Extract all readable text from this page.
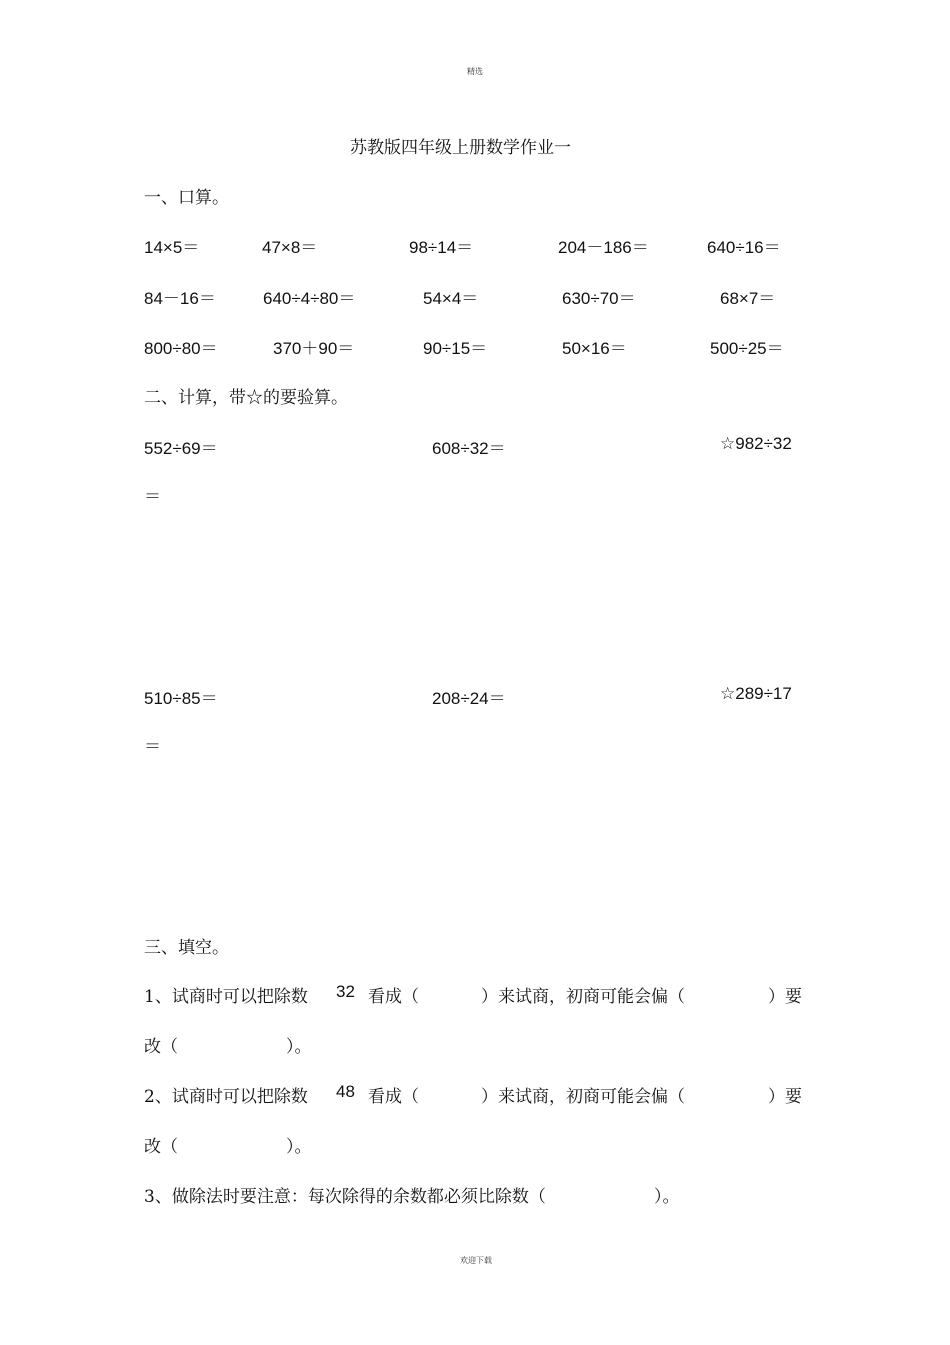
精选
苏教版四年级上册数学作业一
一、口算。
14×5＝	47×8＝	98÷14＝	204－186＝	640÷16＝
84－16＝	640÷4÷80＝	54×4＝	630÷70＝	68×7＝
800÷80＝	370＋90＝	90÷15＝	50×16＝	500÷25＝
二、计算，带☆的要验算。
552÷69＝	608÷32＝	☆982÷32
＝
510÷85＝	208÷24＝	☆289÷17
＝
三、填空。
1、试商时可以把除数 32 看成（	）来试商，初商可能会偏（	）要
改（	）。
2、试商时可以把除数 48 看成（	）来试商，初商可能会偏（	）要
改（	）。
3、做除法时要注意：每次除得的余数都必须比除数（	）。
欢迎下载
